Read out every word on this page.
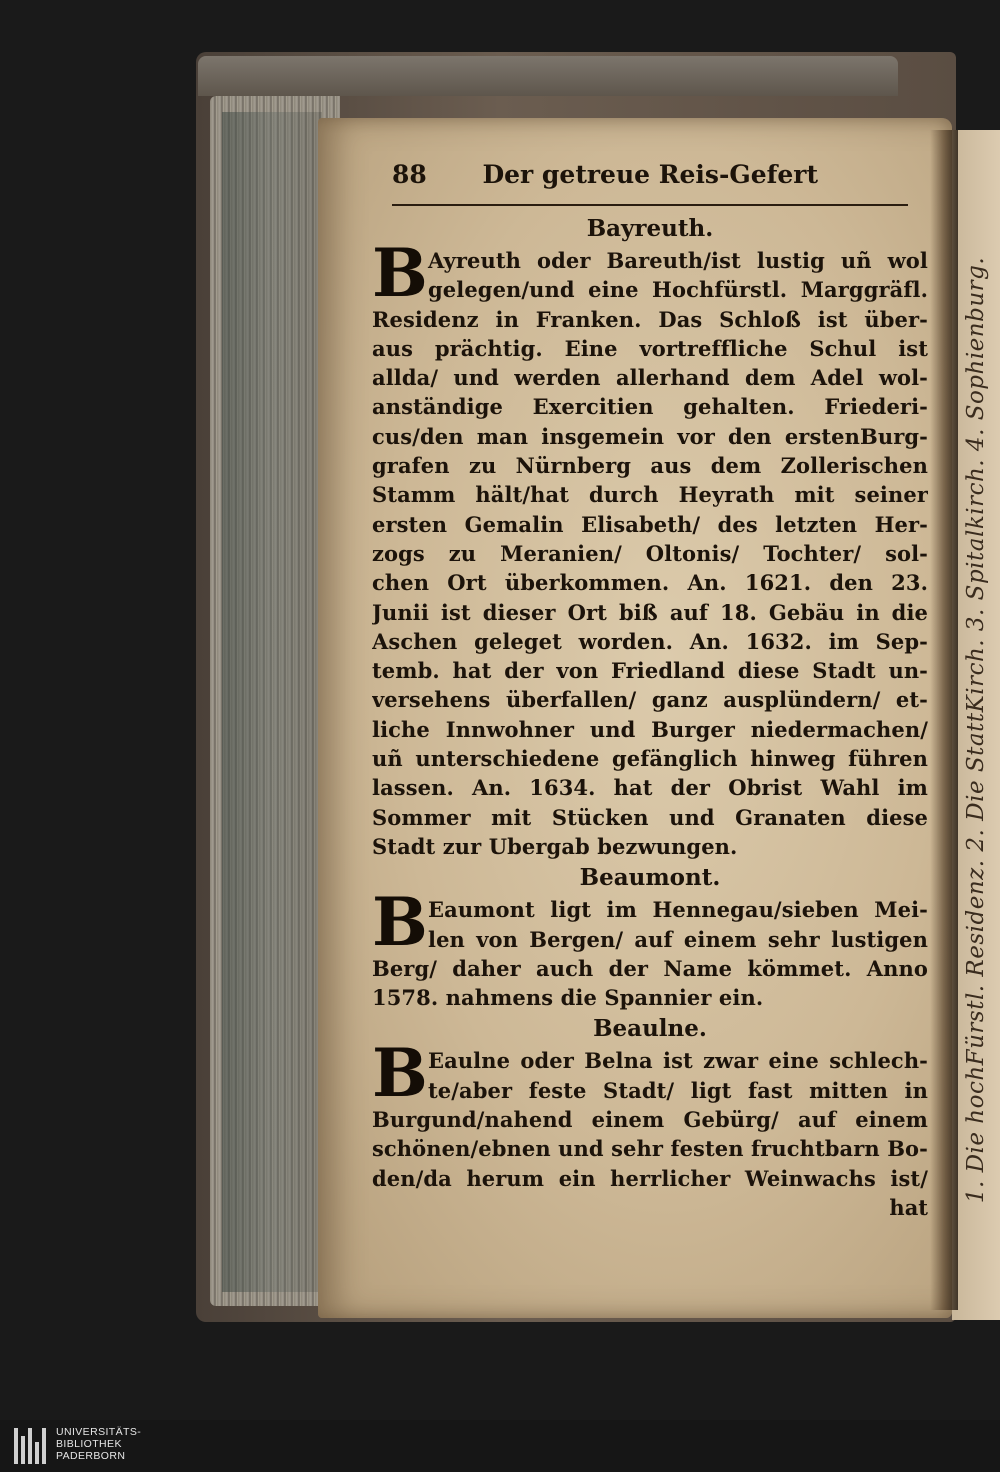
1. Die hochFürstl. Residenz. 2. Die StattKirch. 3. Spitalkirch. 4. Sophienburg.
88 Der getreue Reis-Gefert
Bayreuth.
B Ayreuth oder Bareuth/ist lustig uñ wol
gelegen/und eine Hochfürstl. Marggräfl.
Residenz in Franken. Das Schloß ist über-
aus prächtig. Eine vortreffliche Schul ist
allda/ und werden allerhand dem Adel wol-
anständige Exercitien gehalten. Friederi-
cus/den man insgemein vor den erstenBurg-
grafen zu Nürnberg aus dem Zollerischen
Stamm hält/hat durch Heyrath mit seiner
ersten Gemalin Elisabeth/ des letzten Her-
zogs zu Meranien/ Oltonis/ Tochter/ sol-
chen Ort überkommen. An. 1621. den 23.
Junii ist dieser Ort biß auf 18. Gebäu in die
Aschen geleget worden. An. 1632. im Sep-
temb. hat der von Friedland diese Stadt un-
versehens überfallen/ ganz ausplündern/ et-
liche Innwohner und Burger niedermachen/
uñ unterschiedene gefänglich hinweg führen
lassen. An. 1634. hat der Obrist Wahl im
Sommer mit Stücken und Granaten diese
Stadt zur Ubergab bezwungen.
Beaumont.
B Eaumont ligt im Hennegau/sieben Mei-
len von Bergen/ auf einem sehr lustigen
Berg/ daher auch der Name kömmet. Anno
1578. nahmens die Spannier ein.
Beaulne.
B Eaulne oder Belna ist zwar eine schlech-
te/aber feste Stadt/ ligt fast mitten in
Burgund/nahend einem Gebürg/ auf einem
schönen/ebnen und sehr festen fruchtbarn Bo-
den/da herum ein herrlicher Weinwachs ist/
hat
UNIVERSITÄTS-
BIBLIOTHEK
PADERBORN
